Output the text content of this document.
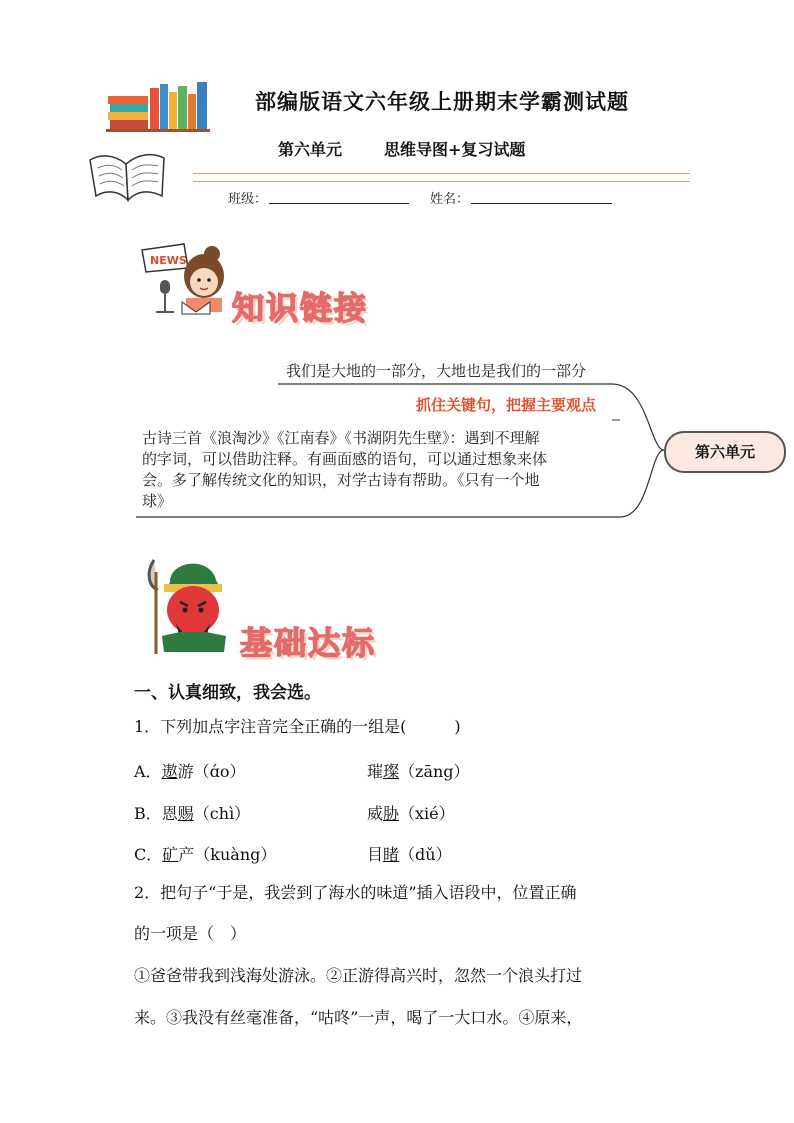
部编版语文六年级上册期末学霸测试题
第六单元	思维导图+复习试题
班级：	姓名：
NEWS
知识链接
我们是大地的一部分，大地也是我们的一部分
抓住关键句，把握主要观点
古诗三首《浪淘沙》《江南春》《书湖阴先生壁》：遇到不理解
的字词，可以借助注释。有画面感的语句，可以通过想象来体
会。多了解传统文化的知识，对学古诗有帮助。《只有一个地
球》
第六单元
基础达标
一、认真细致，我会选。
1．下列加点字注音完全正确的一组是(　　　)
A．遨游（ɑ́o）	璀璨（zāng）
B．恩赐（chì）	威胁（xié）
C．矿产（kuàng）	目睹（dǔ）
2．把句子“于是，我尝到了海水的味道”插入语段中，位置正确
的一项是（　）
①爸爸带我到浅海处游泳。②正游得高兴时，忽然一个浪头打过
来。③我没有丝毫准备，“咕咚”一声，喝了一大口水。④原来，
